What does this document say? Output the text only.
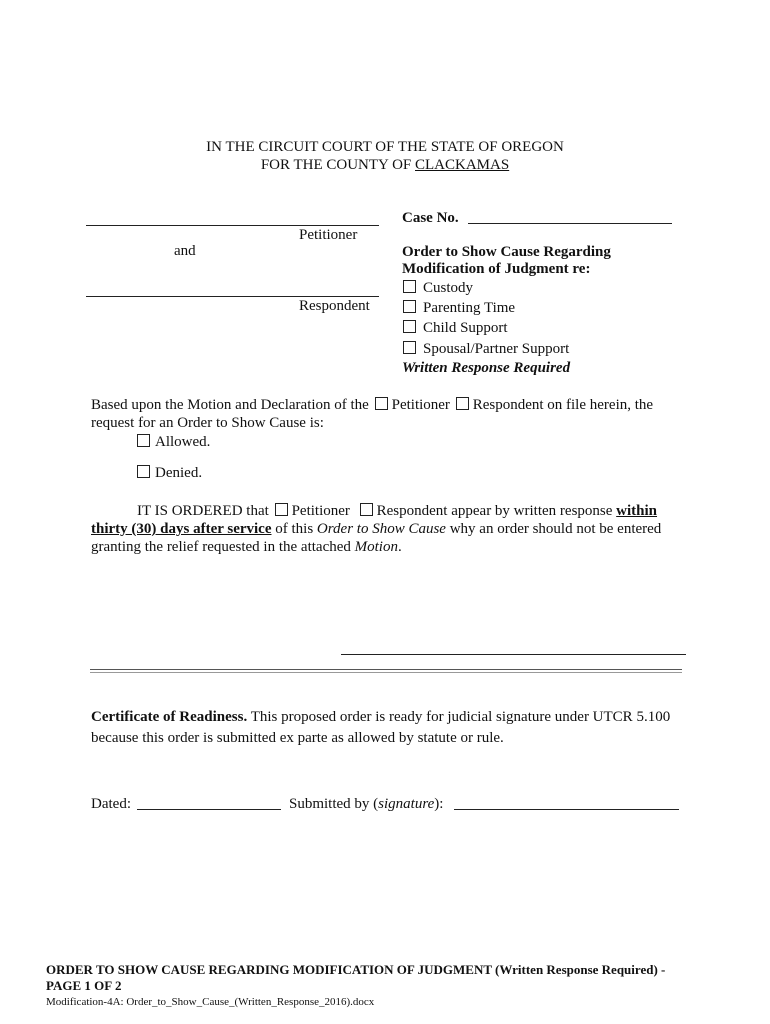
IN THE CIRCUIT COURT OF THE STATE OF OREGON
FOR THE COUNTY OF CLACKAMAS
Petitioner
and
Respondent
Case No.
Order to Show Cause Regarding
Modification of Judgment re:
Custody
Parenting Time
Child Support
Spousal/Partner Support
Written Response Required
Based upon the Motion and Declaration of the Petitioner Respondent on file herein, the
request for an Order to Show Cause is:
Allowed.
Denied.
IT IS ORDERED that Petitioner Respondent appear by written response within
thirty (30) days after service of this Order to Show Cause why an order should not be entered
granting the relief requested in the attached Motion.
Certificate of Readiness. This proposed order is ready for judicial signature under UTCR 5.100
because this order is submitted ex parte as allowed by statute or rule.
Dated:	Submitted by (signature):
ORDER TO SHOW CAUSE REGARDING MODIFICATION OF JUDGMENT (Written Response Required) -
PAGE 1 OF 2
Modification-4A: Order_to_Show_Cause_(Written_Response_2016).docx
